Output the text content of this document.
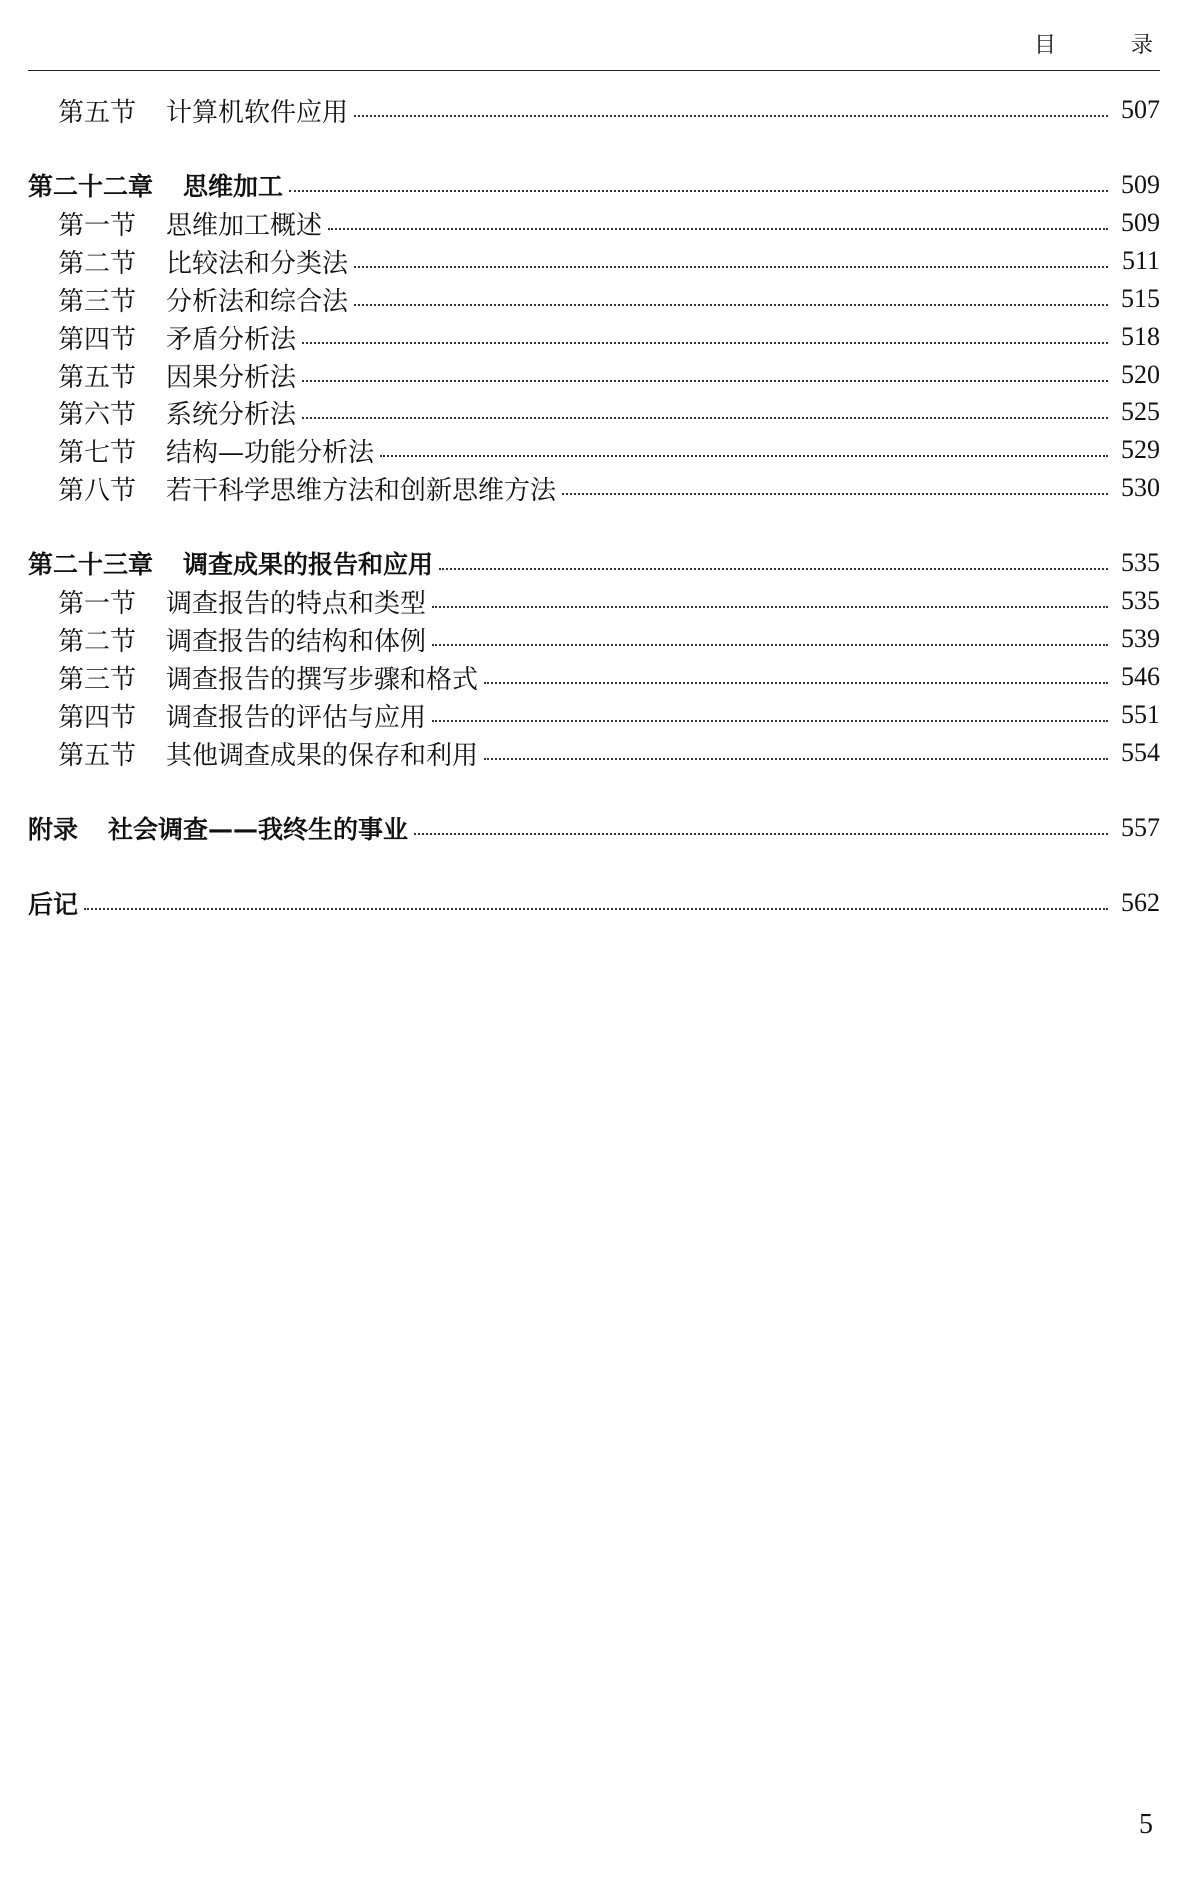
目 录
第五节 计算机软件应用	507
第二十二章 思维加工	509
第一节 思维加工概述	509
第二节 比较法和分类法	511
第三节 分析法和综合法	515
第四节 矛盾分析法	518
第五节 因果分析法	520
第六节 系统分析法	525
第七节 结构—功能分析法	529
第八节 若干科学思维方法和创新思维方法	530
第二十三章 调查成果的报告和应用	535
第一节 调查报告的特点和类型	535
第二节 调查报告的结构和体例	539
第三节 调查报告的撰写步骤和格式	546
第四节 调查报告的评估与应用	551
第五节 其他调查成果的保存和利用	554
附录 社会调查——我终生的事业	557
后记	562
5
